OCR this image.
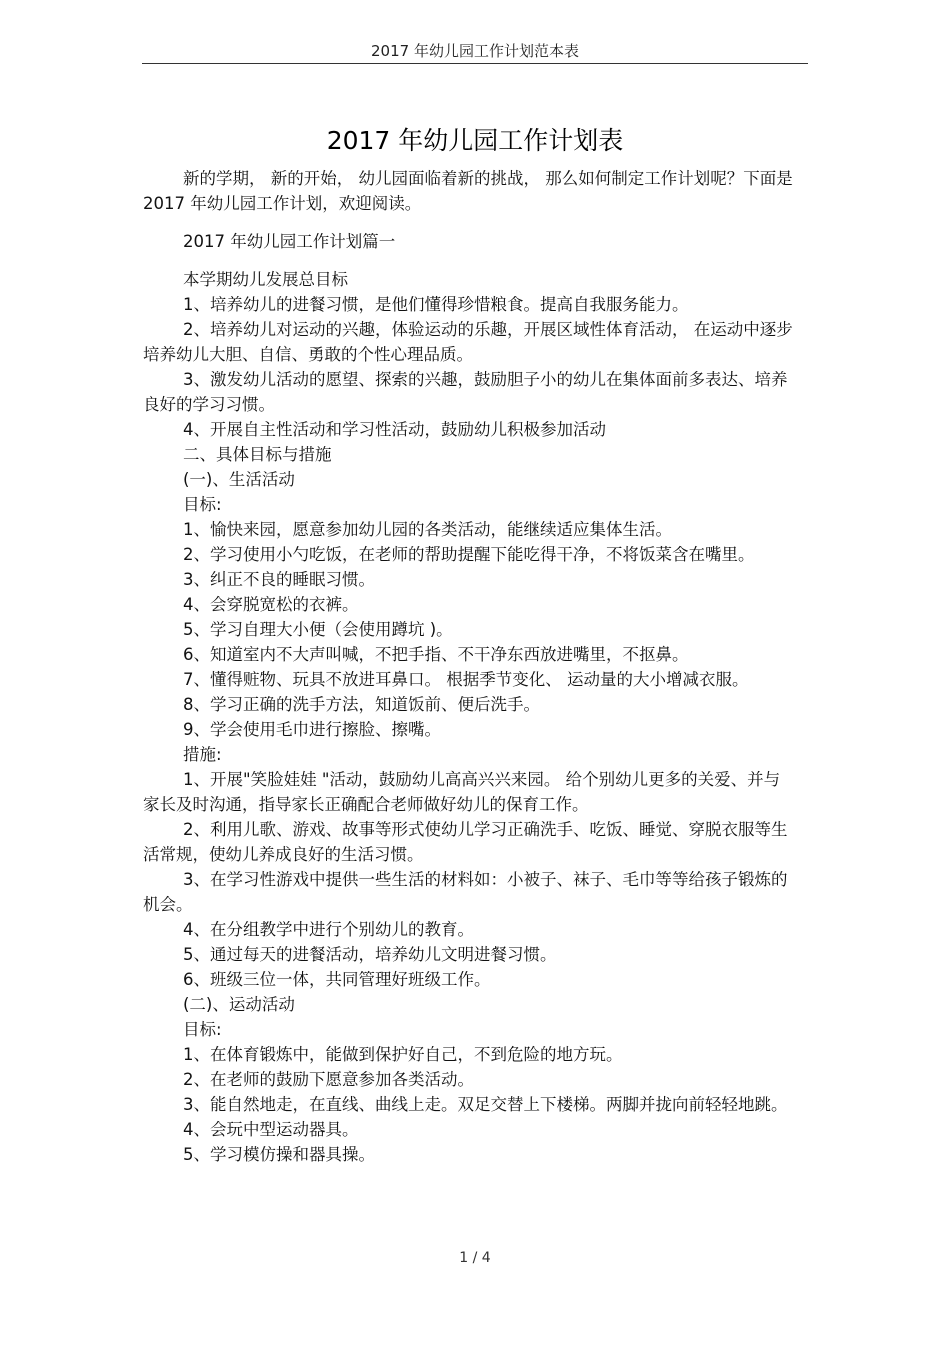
2017 年幼儿园工作计划范本表
2017 年幼儿园工作计划表

新的学期， 新的开始， 幼儿园面临着新的挑战， 那么如何制定工作计划呢？下面是 2017 年幼儿园工作计划，欢迎阅读。

2017 年幼儿园工作计划篇一

本学期幼儿发展总目标

1、培养幼儿的进餐习惯，是他们懂得珍惜粮食。提高自我服务能力。

2、培养幼儿对运动的兴趣，体验运动的乐趣，开展区域性体育活动， 在运动中逐步培养幼儿大胆、自信、勇敢的个性心理品质。

3、激发幼儿活动的愿望、探索的兴趣，鼓励胆子小的幼儿在集体面前多表达、培养良好的学习习惯。

4、开展自主性活动和学习性活动，鼓励幼儿积极参加活动

二、具体目标与措施

(一)、生活活动

目标:

1、愉快来园，愿意参加幼儿园的各类活动，能继续适应集体生活。

2、学习使用小勺吃饭，在老师的帮助提醒下能吃得干净，不将饭菜含在嘴里。

3、纠正不良的睡眠习惯。

4、会穿脱宽松的衣裤。

5、学习自理大小便（会使用蹲坑 )。

6、知道室内不大声叫喊，不把手指、不干净东西放进嘴里，不抠鼻。

7、懂得赃物、玩具不放进耳鼻口。 根据季节变化、 运动量的大小增减衣服。

8、学习正确的洗手方法，知道饭前、便后洗手。

9、学会使用毛巾进行擦脸、擦嘴。

措施:

1、开展"笑脸娃娃 "活动，鼓励幼儿高高兴兴来园。 给个别幼儿更多的关爱、并与家长及时沟通，指导家长正确配合老师做好幼儿的保育工作。

2、利用儿歌、游戏、故事等形式使幼儿学习正确洗手、吃饭、睡觉、穿脱衣服等生活常规，使幼儿养成良好的生活习惯。

3、在学习性游戏中提供一些生活的材料如：小被子、袜子、毛巾等等给孩子锻炼的机会。

4、在分组教学中进行个别幼儿的教育。

5、通过每天的进餐活动，培养幼儿文明进餐习惯。

6、班级三位一体，共同管理好班级工作。

(二)、运动活动

目标:

1、在体育锻炼中，能做到保护好自己，不到危险的地方玩。

2、在老师的鼓励下愿意参加各类活动。

3、能自然地走，在直线、曲线上走。双足交替上下楼梯。两脚并拢向前轻轻地跳。

4、会玩中型运动器具。

5、学习模仿操和器具操。

1 / 4
